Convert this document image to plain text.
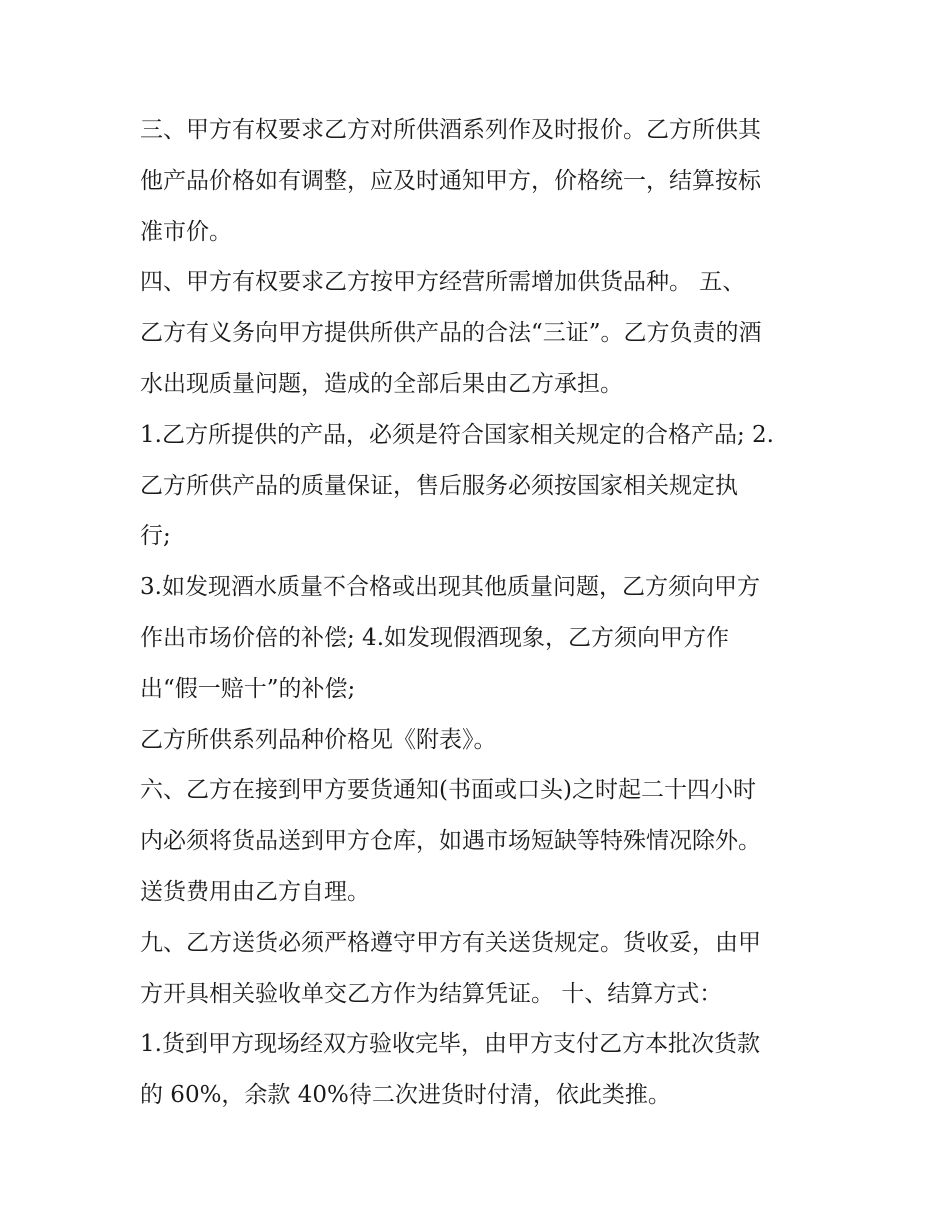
三、甲方有权要求乙方对所供酒系列作及时报价。乙方所供其
他产品价格如有调整，应及时通知甲方，价格统一，结算按标
准市价。
四、甲方有权要求乙方按甲方经营所需增加供货品种。 五、
乙方有义务向甲方提供所供产品的合法“三证”。乙方负责的酒
水出现质量问题，造成的全部后果由乙方承担。
1.乙方所提供的产品，必须是符合国家相关规定的合格产品; 2.
乙方所供产品的质量保证，售后服务必须按国家相关规定执
行;
3.如发现酒水质量不合格或出现其他质量问题，乙方须向甲方
作出市场价倍的补偿; 4.如发现假酒现象，乙方须向甲方作
出“假一赔十”的补偿;
乙方所供系列品种价格见《附表》。
六、乙方在接到甲方要货通知(书面或口头)之时起二十四小时
内必须将货品送到甲方仓库，如遇市场短缺等特殊情况除外。
送货费用由乙方自理。
九、乙方送货必须严格遵守甲方有关送货规定。货收妥，由甲
方开具相关验收单交乙方作为结算凭证。 十、结算方式：
1.货到甲方现场经双方验收完毕，由甲方支付乙方本批次货款
的 60%，余款 40%待二次进货时付清，依此类推。
